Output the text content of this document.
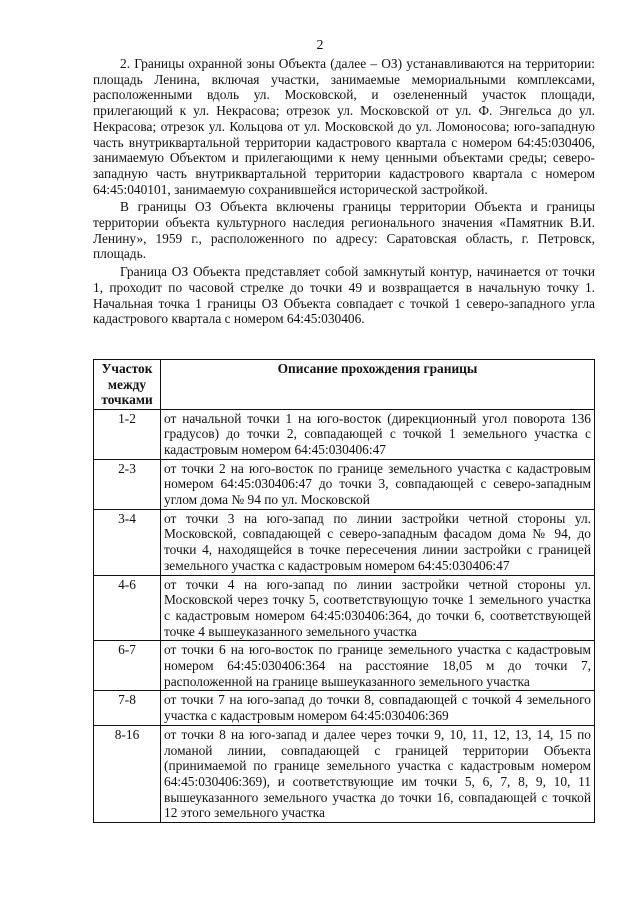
2

2. Границы охранной зоны Объекта (далее – ОЗ) устанавливаются на территории: площадь Ленина, включая участки, занимаемые мемориальными комплексами, расположенными вдоль ул. Московской, и озелененный участок площади, прилегающий к ул. Некрасова; отрезок ул. Московской от ул. Ф. Энгельса до ул. Некрасова; отрезок ул. Кольцова от ул. Московской до ул. Ломоносова; юго-западную часть внутриквартальной территории кадастрового квартала с номером 64:45:030406, занимаемую Объектом и прилегающими к нему ценными объектами среды; северо-западную часть внутриквартальной территории кадастрового квартала с номером 64:45:040101, занимаемую сохранившейся исторической застройкой.

В границы ОЗ Объекта включены границы территории Объекта и границы территории объекта культурного наследия регионального значения «Памятник В.И. Ленину», 1959 г., расположенного по адресу: Саратовская область, г. Петровск, площадь.

Граница ОЗ Объекта представляет собой замкнутый контур, начинается от точки 1, проходит по часовой стрелке до точки 49 и возвращается в начальную точку 1. Начальная точка 1 границы ОЗ Объекта совпадает с точкой 1 северо-западного угла кадастрового квартала с номером 64:45:030406.

Участок между точками	Описание прохождения границы
1-2	от начальной точки 1 на юго-восток (дирекционный угол поворота 136 градусов) до точки 2, совпадающей с точкой 1 земельного участка с кадастровым номером 64:45:030406:47
2-3	от точки 2 на юго-восток по границе земельного участка с кадастровым номером 64:45:030406:47 до точки 3, совпадающей с северо-западным углом дома № 94 по ул. Московской
3-4	от точки 3 на юго-запад по линии застройки четной стороны ул. Московской, совпадающей с северо-западным фасадом дома № 94, до точки 4, находящейся в точке пересечения линии застройки с границей земельного участка с кадастровым номером 64:45:030406:47
4-6	от точки 4 на юго-запад по линии застройки четной стороны ул. Московской через точку 5, соответствующую точке 1 земельного участка с кадастровым номером 64:45:030406:364, до точки 6, соответствующей точке 4 вышеуказанного земельного участка
6-7	от точки 6 на юго-восток по границе земельного участка с кадастровым номером 64:45:030406:364 на расстояние 18,05 м до точки 7, расположенной на границе вышеуказанного земельного участка
7-8	от точки 7 на юго-запад до точки 8, совпадающей с точкой 4 земельного участка с кадастровым номером 64:45:030406:369
8-16	от точки 8 на юго-запад и далее через точки 9, 10, 11, 12, 13, 14, 15 по ломаной линии, совпадающей с границей территории Объекта (принимаемой по границе земельного участка с кадастровым номером 64:45:030406:369), и соответствующие им точки 5, 6, 7, 8, 9, 10, 11 вышеуказанного земельного участка до точки 16, совпадающей с точкой 12 этого земельного участка
